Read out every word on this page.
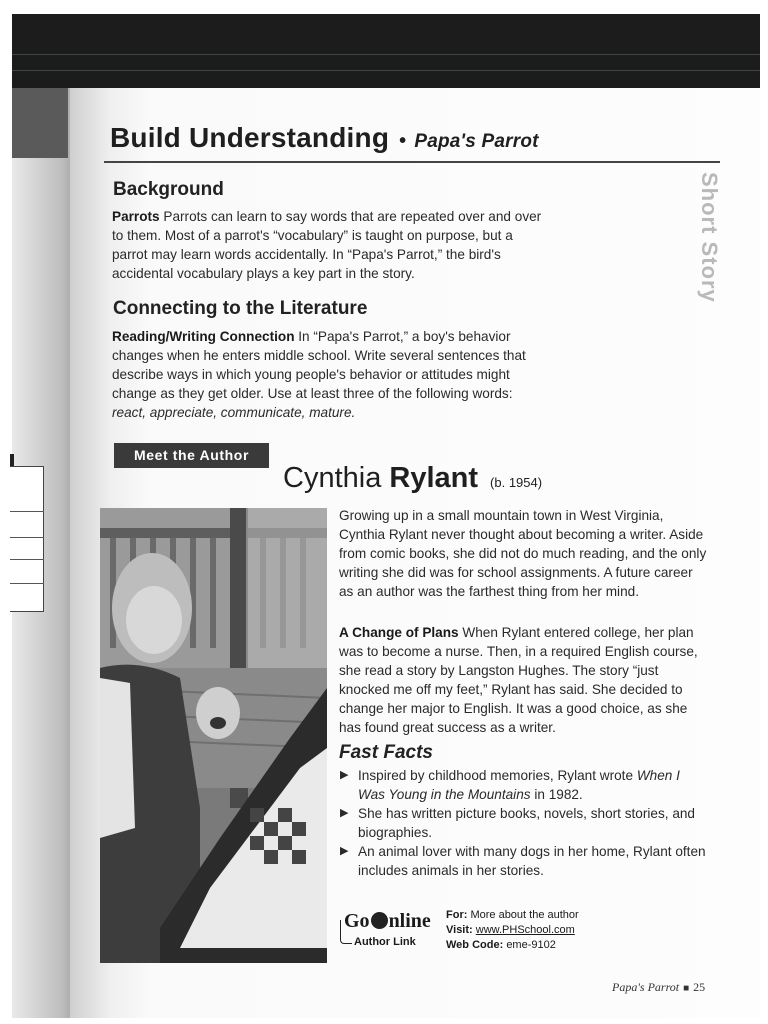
Build Understanding • Papa's Parrot
Short Story
Background

Parrots Parrots can learn to say words that are repeated over and over to them. Most of a parrot's “vocabulary” is taught on purpose, but a parrot may learn words accidentally. In “Papa's Parrot,” the bird's accidental vocabulary plays a key part in the story.

Connecting to the Literature

Reading/Writing Connection In “Papa's Parrot,” a boy's behavior changes when he enters middle school. Write several sentences that describe ways in which young people's behavior or attitudes might change as they get older. Use at least three of the following words: react, appreciate, communicate, mature.

Meet the Author
Cynthia Rylant (b. 1954)

Growing up in a small mountain town in West Virginia, Cynthia Rylant never thought about becoming a writer. Aside from comic books, she did not do much reading, and the only writing she did was for school assignments. A future career as an author was the farthest thing from her mind.

A Change of Plans When Rylant entered college, her plan was to become a nurse. Then, in a required English course, she read a story by Langston Hughes. The story “just knocked me off my feet,” Rylant has said. She decided to change her major to English. It was a good choice, as she has found great success as a writer.

Fast Facts
▶ Inspired by childhood memories, Rylant wrote When I Was Young in the Mountains in 1982.
▶ She has written picture books, novels, short stories, and biographies.
▶ An animal lover with many dogs in her home, Rylant often includes animals in her stories.
Go nline
Author Link
For: More about the author
Visit: www.PHSchool.com
Web Code: eme-9102
Papa's Parrot ■ 25
